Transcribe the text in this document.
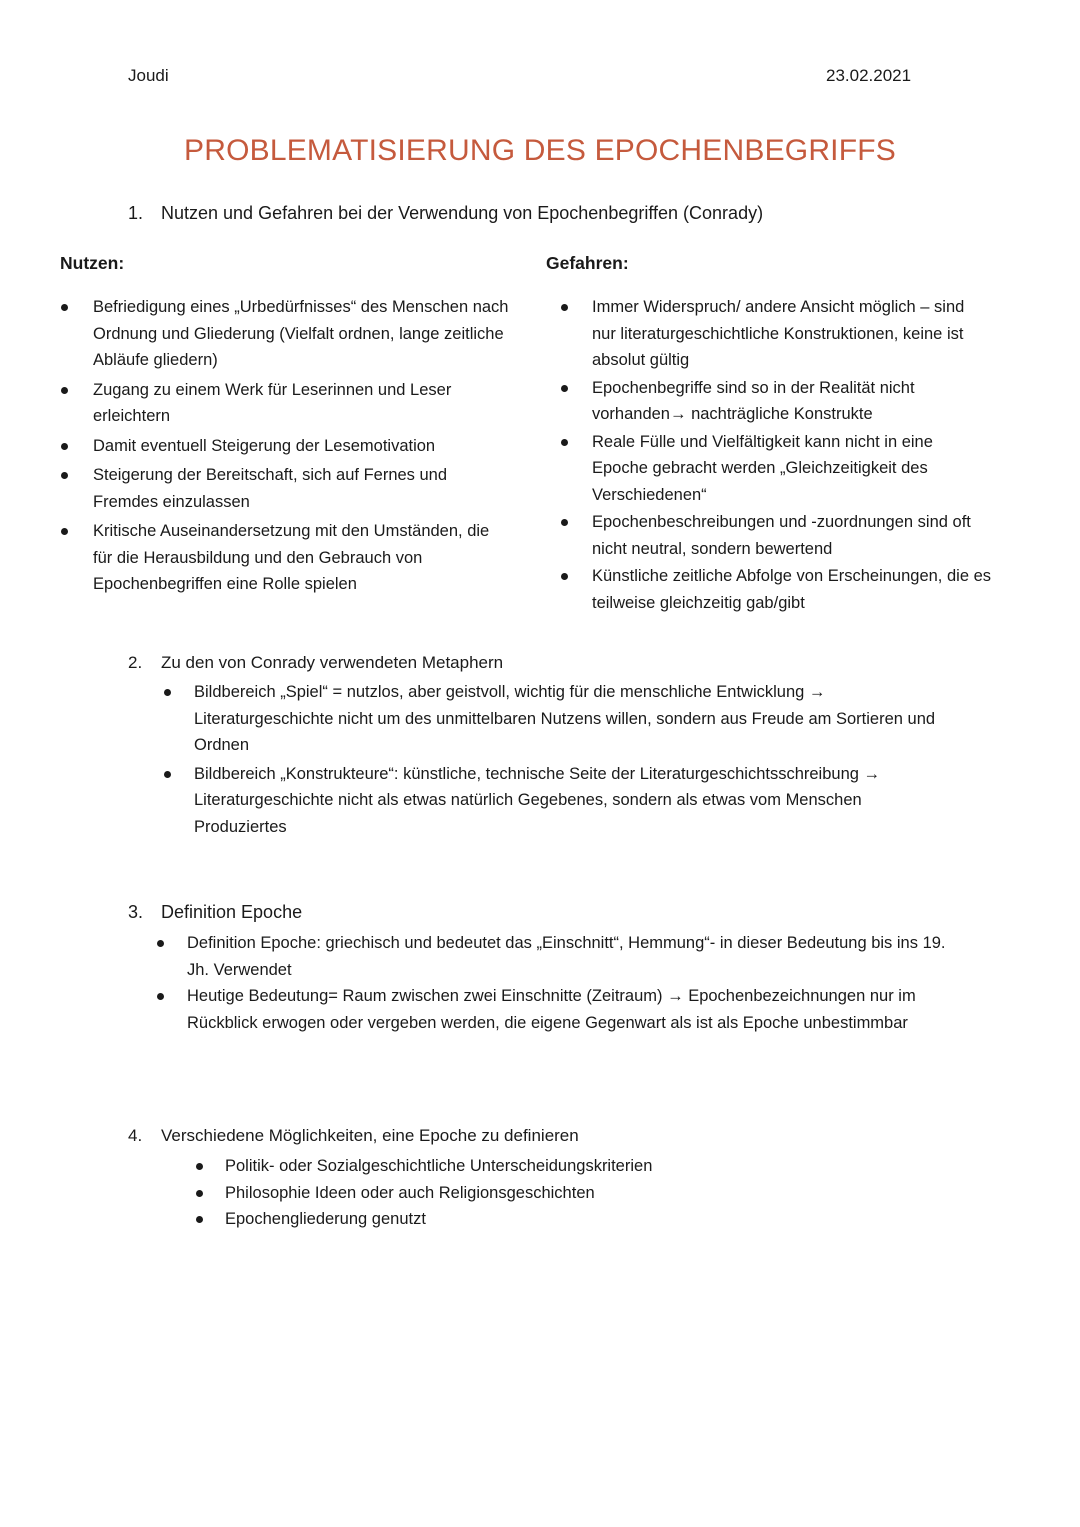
Joudi	23.02.2021
PROBLEMATISIERUNG DES EPOCHENBEGRIFFS
1. Nutzen und Gefahren bei der Verwendung von Epochenbegriffen (Conrady)
Nutzen:	Gefahren:
Befriedigung eines „Urbedürfnisses“ des Menschen nach Ordnung und Gliederung (Vielfalt ordnen, lange zeitliche Abläufe gliedern)
Zugang zu einem Werk für Leserinnen und Leser erleichtern
Damit eventuell Steigerung der Lesemotivation
Steigerung der Bereitschaft, sich auf Fernes und Fremdes einzulassen
Kritische Auseinandersetzung mit den Umständen, die für die Herausbildung und den Gebrauch von Epochenbegriffen eine Rolle spielen
Immer Widerspruch/ andere Ansicht möglich – sind nur literaturgeschichtliche Konstruktionen, keine ist absolut gültig
Epochenbegriffe sind so in der Realität nicht vorhanden→ nachträgliche Konstrukte
Reale Fülle und Vielfältigkeit kann nicht in eine Epoche gebracht werden „Gleichzeitigkeit des Verschiedenen“
Epochenbeschreibungen und -zuordnungen sind oft nicht neutral, sondern bewertend
Künstliche zeitliche Abfolge von Erscheinungen, die es teilweise gleichzeitig gab/gibt
2. Zu den von Conrady verwendeten Metaphern
Bildbereich „Spiel“ = nutzlos, aber geistvoll, wichtig für die menschliche Entwicklung → Literaturgeschichte nicht um des unmittelbaren Nutzens willen, sondern aus Freude am Sortieren und Ordnen
Bildbereich „Konstrukteure“: künstliche, technische Seite der Literaturgeschichtsschreibung → Literaturgeschichte nicht als etwas natürlich Gegebenes, sondern als etwas vom Menschen Produziertes
3. Definition Epoche
Definition Epoche: griechisch und bedeutet das „Einschnitt“, Hemmung“- in dieser Bedeutung bis ins 19. Jh. Verwendet
Heutige Bedeutung= Raum zwischen zwei Einschnitte (Zeitraum) → Epochenbezeichnungen nur im Rückblick erwogen oder vergeben werden, die eigene Gegenwart als ist als Epoche unbestimmbar
4. Verschiedene Möglichkeiten, eine Epoche zu definieren
Politik- oder Sozialgeschichtliche Unterscheidungskriterien
Philosophie Ideen oder auch Religionsgeschichten
Epochengliederung genutzt
